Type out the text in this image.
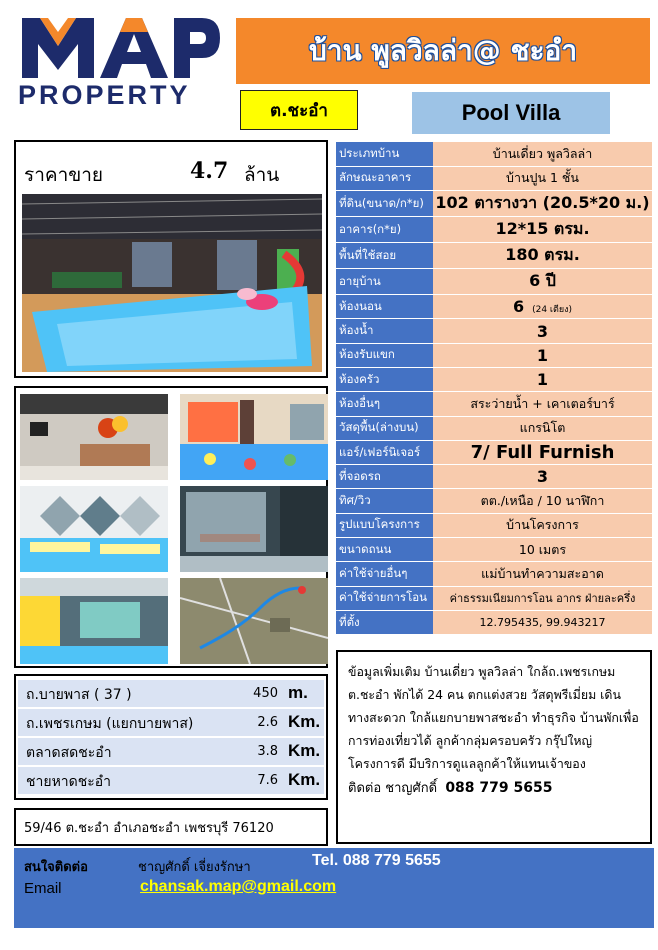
PROPERTY
บ้าน พูลวิลล่า@ ชะอำ
ต.ชะอำ	Pool Villa
ราคาขาย	4.7 ล้าน
ประเภทบ้าน	บ้านเดี่ยว พูลวิลล่า
ลักษณะอาคาร	บ้านปูน 1 ชั้น
ที่ดิน(ขนาด/ก*ย)	102 ตารางวา (20.5*20 ม.)
อาคาร(ก*ย)	12*15 ตรม.
พื้นที่ใช้สอย	180 ตรม.
อายุบ้าน	6 ปี
ห้องนอน	6 (24 เตียง)
ห้องน้ำ	3
ห้องรับแขก	1
ห้องครัว	1
ห้องอื่นๆ	สระว่ายน้ำ + เคาเตอร์บาร์
วัสดุพื้น(ล่างบน)	แกรนิโต
แอร์/เฟอร์นิเจอร์	7/ Full Furnish
ที่จอดรถ	3
ทิศ/วิว	ตต./เหนือ / 10 นาฬิกา
รูปแบบโครงการ	บ้านโครงการ
ขนาดถนน	10 เมตร
ค่าใช้จ่ายอื่นๆ	แม่บ้านทำความสะอาด
ค่าใช้จ่ายการโอน	ค่าธรรมเนียมการโอน อากร ฝ่ายละครึ่ง
ที่ตั้ง	12.795435, 99.943217
ถ.บายพาส ( 37 )	450 m.
ถ.เพชรเกษม (แยกบายพาส)	2.6 Km.
ตลาดสดชะอำ	3.8 Km.
ชายหาดชะอำ	7.6 Km.
59/46 ต.ชะอำ อำเภอชะอำ เพชรบุรี 76120
ข้อมูลเพิ่มเติม บ้านเดี่ยว พูลวิลล่า ใกล้ถ.เพชรเกษม ต.ชะอำ พักได้ 24 คน ตกแต่งสวย วัสดุพรีเมี่ยม เดินทางสะดวก ใกล้แยกบายพาสชะอำ ทำธุรกิจ บ้านพักเพื่อการท่องเที่ยวได้ ลูกค้ากลุ่มครอบครัว กรุ๊ปใหญ่ โครงการดี มีบริการดูแลลูกค้าให้แทนเจ้าของ
ติดต่อ ชาญศักดิ์ 088 779 5655
สนใจติดต่อ	ชาญศักดิ์ เจี่ยงรักษา	Tel. 088 779 5655
Email	chansak.map@gmail.com
